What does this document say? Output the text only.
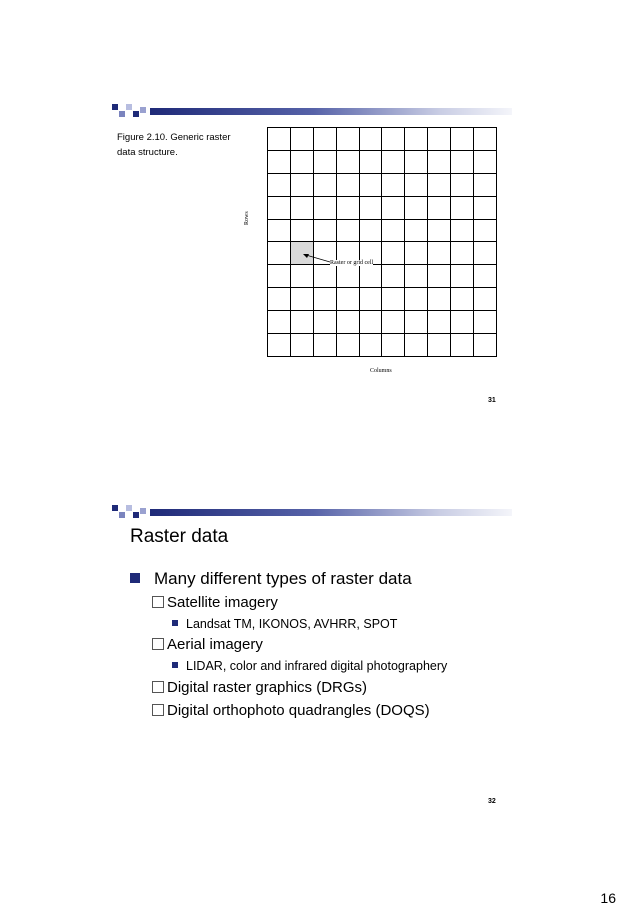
Figure 2.10. Generic raster data structure.
Rows
Raster or grid cell
Columns
31
Raster data
Many different types of raster data
Satellite imagery
Landsat TM, IKONOS, AVHRR, SPOT
Aerial imagery
LIDAR, color and infrared digital photographery
Digital raster graphics (DRGs)
Digital orthophoto quadrangles (DOQS)
32
16
